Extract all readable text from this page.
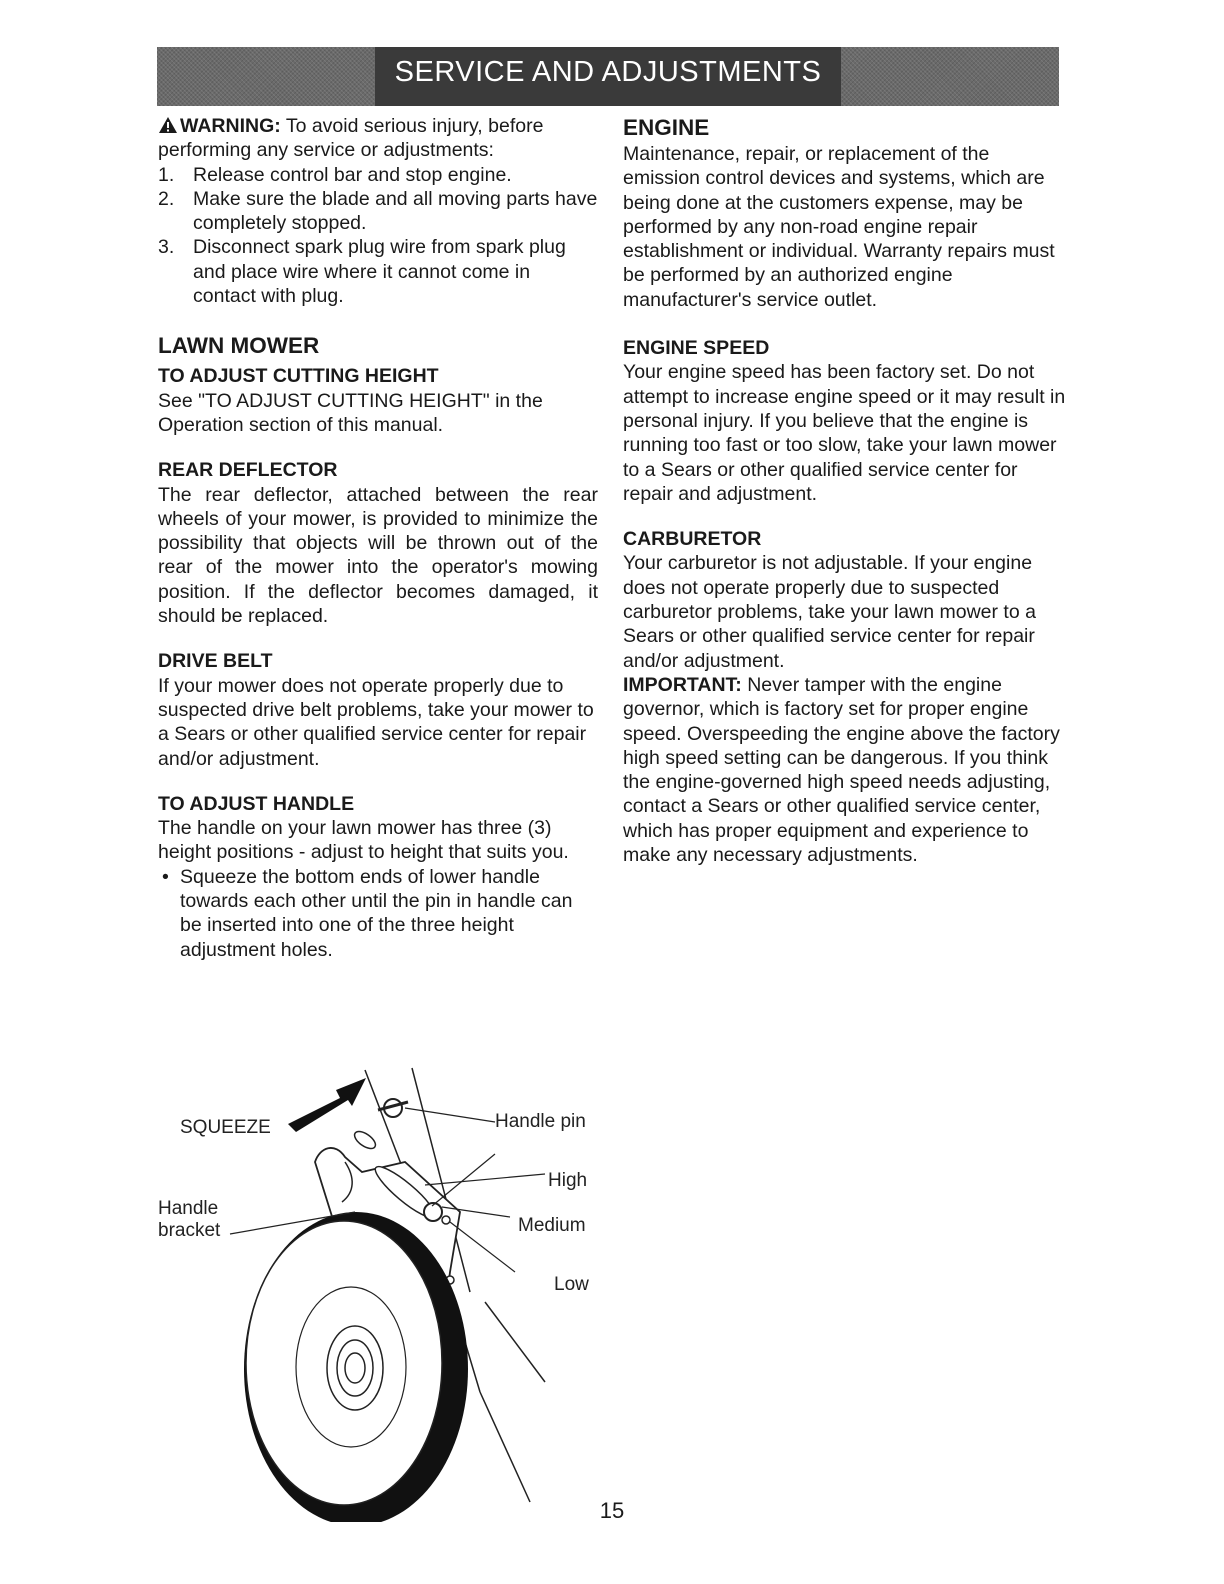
SERVICE AND ADJUSTMENTS

WARNING: To avoid serious injury, before performing any service or adjustments:

1. Release control bar and stop engine.
2. Make sure the blade and all moving parts have completely stopped.
3. Disconnect spark plug wire from spark plug and place wire where it cannot come in contact with plug.
LAWN MOWER
TO ADJUST CUTTING HEIGHT

See "TO ADJUST CUTTING HEIGHT" in the Operation section of this manual.

REAR DEFLECTOR

The rear deflector, attached between the rear wheels of your mower, is provided to minimize the possibility that objects will be thrown out of the rear of the mower into the operator's mowing position. If the deflector becomes damaged, it should be replaced.

DRIVE BELT

If your mower does not operate properly due to suspected drive belt problems, take your mower to a Sears or other qualified service center for repair and/or adjustment.

TO ADJUST HANDLE

The handle on your lawn mower has three (3) height positions - adjust to height that suits you.

• Squeeze the bottom ends of lower handle towards each other until the pin in handle can be inserted into one of the three height adjustment holes.
ENGINE

Maintenance, repair, or replacement of the emission control devices and systems, which are being done at the customers expense, may be performed by any non-road engine repair establishment or individual. Warranty repairs must be performed by an authorized engine manufacturer's service outlet.

ENGINE SPEED

Your engine speed has been factory set. Do not attempt to increase engine speed or it may result in personal injury. If you believe that the engine is running too fast or too slow, take your lawn mower to a Sears or other qualified service center for repair and adjustment.

CARBURETOR

Your carburetor is not adjustable. If your engine does not operate properly due to suspected carburetor problems, take your lawn mower to a Sears or other qualified service center for repair and/or adjustment.

IMPORTANT: Never tamper with the engine governor, which is factory set for proper engine speed. Overspeeding the engine above the factory high speed setting can be dangerous. If you think the engine-governed high speed needs adjusting, contact a Sears or other qualified service center, which has proper equipment and experience to make any necessary adjustments.

SQUEEZE	Handle pin
High
Handle
bracket	Medium
Low
15
